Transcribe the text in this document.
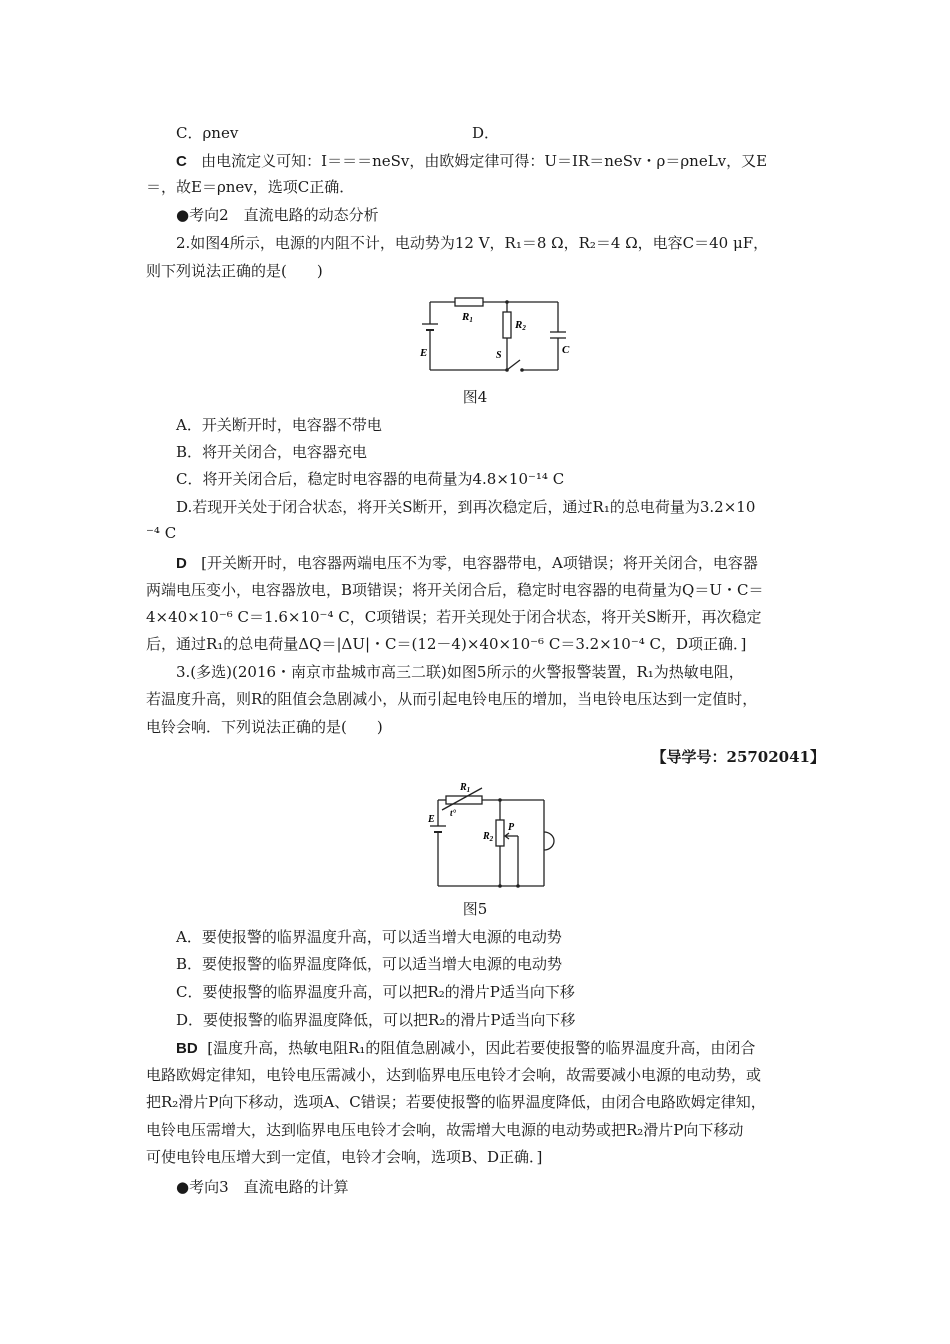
C．ρnev	D．
C 由电流定义可知：I＝＝＝neSv，由欧姆定律可得：U＝IR＝neSv・ρ＝ρneLv，又E
＝，故E＝ρnev，选项C正确．
●考向2　直流电路的动态分析
2.如图4所示，电源的内阻不计，电动势为12 V，R₁＝8 Ω，R₂＝4 Ω，电容C＝40 μF，
则下列说法正确的是(　　)
R1	R2
E	S	C
图4
A．开关断开时，电容器不带电
B．将开关闭合，电容器充电
C．将开关闭合后，稳定时电容器的电荷量为4.8×10⁻¹⁴ C
D.若现开关处于闭合状态，将开关S断开，到再次稳定后，通过R₁的总电荷量为3.2×10
⁻⁴ C
D [开关断开时，电容器两端电压不为零，电容器带电，A项错误；将开关闭合，电容器
两端电压变小，电容器放电，B项错误；将开关闭合后，稳定时电容器的电荷量为Q＝U・C＝
4×40×10⁻⁶ C＝1.6×10⁻⁴ C，C项错误；若开关现处于闭合状态，将开关S断开，再次稳定
后，通过R₁的总电荷量ΔQ＝|ΔU|・C＝(12－4)×40×10⁻⁶ C＝3.2×10⁻⁴ C，D项正确．]
3.(多选)(2016・南京市盐城市高三二联)如图5所示的火警报警装置，R₁为热敏电阻，
若温度升高，则R的阻值会急剧减小，从而引起电铃电压的增加，当电铃电压达到一定值时，
电铃会响．下列说法正确的是(　　)
【导学号：25702041】
$R_1$
t°
E
$R_2$
P
图5
A．要使报警的临界温度升高，可以适当增大电源的电动势
B．要使报警的临界温度降低，可以适当增大电源的电动势
C．要使报警的临界温度升高，可以把R₂的滑片P适当向下移
D．要使报警的临界温度降低，可以把R₂的滑片P适当向下移
BD [温度升高，热敏电阻R₁的阻值急剧减小，因此若要使报警的临界温度升高，由闭合
电路欧姆定律知，电铃电压需减小，达到临界电压电铃才会响，故需要减小电源的电动势，或
把R₂滑片P向下移动，选项A、C错误；若要使报警的临界温度降低，由闭合电路欧姆定律知，
电铃电压需增大，达到临界电压电铃才会响，故需增大电源的电动势或把R₂滑片P向下移动
可使电铃电压增大到一定值，电铃才会响，选项B、D正确．]
●考向3　直流电路的计算
